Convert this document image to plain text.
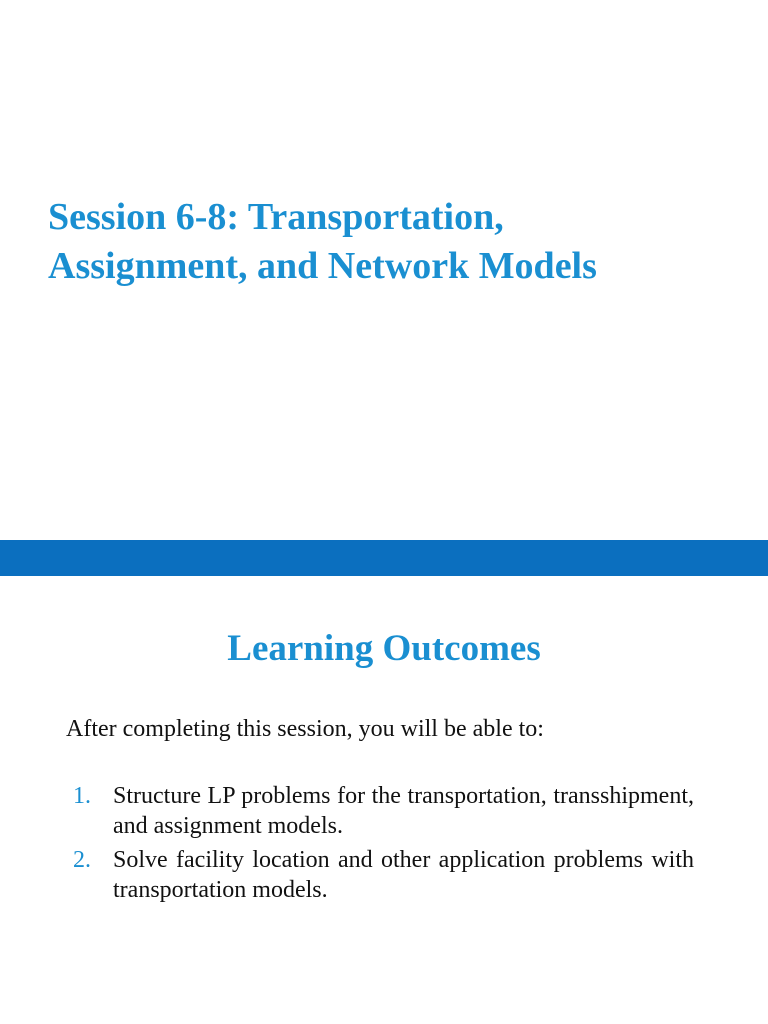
Session 6-8: Transportation,
Assignment, and Network Models
Learning Outcomes

After completing this session, you will be able to:

1. Structure LP problems for the transportation, transshipment, and assignment models.
2. Solve facility location and other application problems with transportation models.
